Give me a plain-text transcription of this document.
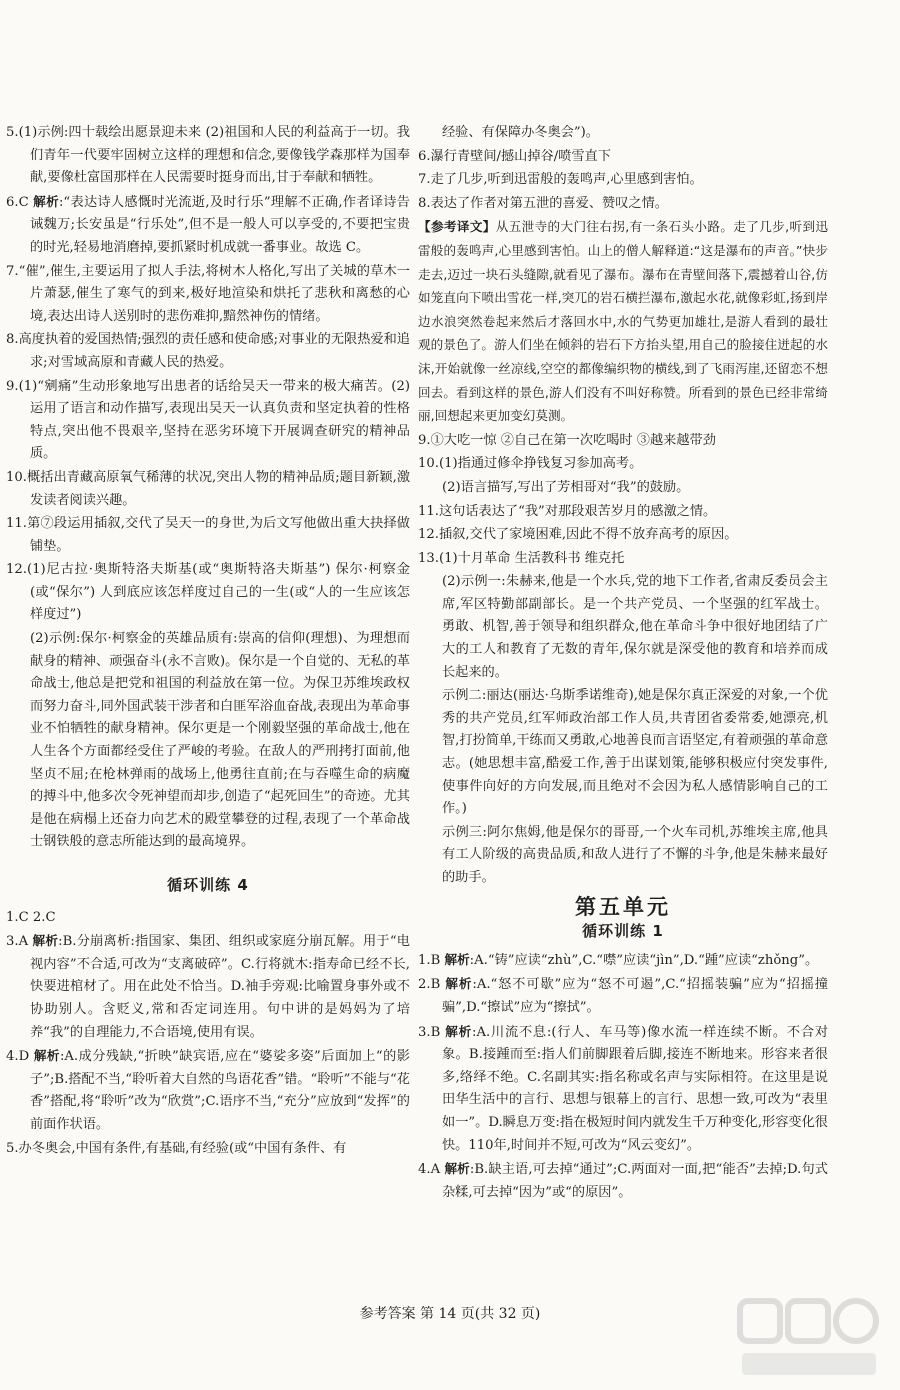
5.(1)示例:四十载绘出愿景迎未来 (2)祖国和人民的利益高于一切。我们青年一代要牢固树立这样的理想和信念,要像钱学森那样为国奉献,要像杜富国那样在人民需要时挺身而出,甘于奉献和牺牲。
6.C 解析:“表达诗人感慨时光流逝,及时行乐”理解不正确,作者译诗告诫魏万;长安虽是“行乐处”,但不是一般人可以享受的,不要把宝贵的时光,轻易地消磨掉,要抓紧时机成就一番事业。故选 C。
7.“催”,催生,主要运用了拟人手法,将树木人格化,写出了关城的草木一片萧瑟,催生了寒气的到来,极好地渲染和烘托了悲秋和离愁的心境,表达出诗人送别时的悲伤难抑,黯然神伤的情绪。
8.高度执着的爱国热情;强烈的责任感和使命感;对事业的无限热爱和追求;对雪域高原和青藏人民的热爱。
9.(1)“剜痛”生动形象地写出患者的话给吴天一带来的极大痛苦。(2)运用了语言和动作描写,表现出吴天一认真负责和坚定执着的性格特点,突出他不畏艰辛,坚持在恶劣环境下开展调查研究的精神品质。
10.概括出青藏高原氧气稀薄的状况,突出人物的精神品质;题目新颖,激发读者阅读兴趣。
11.第⑦段运用插叙,交代了吴天一的身世,为后文写他做出重大抉择做铺垫。
12.(1)尼古拉·奥斯特洛夫斯基(或“奥斯特洛夫斯基”) 保尔·柯察金(或“保尔”) 人到底应该怎样度过自己的一生(或“人的一生应该怎样度过”)
(2)示例:保尔·柯察金的英雄品质有:崇高的信仰(理想)、为理想而献身的精神、顽强奋斗(永不言败)。保尔是一个自觉的、无私的革命战士,他总是把党和祖国的利益放在第一位。为保卫苏维埃政权而努力奋斗,同外国武装干涉者和白匪军浴血奋战,表现出为革命事业不怕牺牲的献身精神。保尔更是一个刚毅坚强的革命战士,他在人生各个方面都经受住了严峻的考验。在敌人的严刑拷打面前,他坚贞不屈;在枪林弹雨的战场上,他勇往直前;在与吞噬生命的病魔的搏斗中,他多次令死神望而却步,创造了“起死回生”的奇迹。尤其是他在病榻上还奋力向艺术的殿堂攀登的过程,表现了一个革命战士钢铁般的意志所能达到的最高境界。
循环训练 4
1.C 2.C
3.A 解析:B.分崩离析:指国家、集团、组织或家庭分崩瓦解。用于“电视内容”不合适,可改为“支离破碎”。C.行将就木:指寿命已经不长,快要进棺材了。用在此处不恰当。D.袖手旁观:比喻置身事外或不协助别人。含贬义,常和否定词连用。句中讲的是妈妈为了培养“我”的自理能力,不合语境,使用有误。
4.D 解析:A.成分残缺,“折映”缺宾语,应在“婆娑多姿”后面加上“的影子”;B.搭配不当,“聆听着大自然的鸟语花香”错。“聆听”不能与“花香”搭配,将“聆听”改为“欣赏”;C.语序不当,“充分”应放到“发挥”的前面作状语。
5.办冬奥会,中国有条件,有基础,有经验(或“中国有条件、有
经验、有保障办冬奥会”)。
6.瀑行青壁间/撼山掉谷/喷雪直下
7.走了几步,听到迅雷般的轰鸣声,心里感到害怕。
8.表达了作者对第五泄的喜爱、赞叹之情。
【参考译文】从五泄寺的大门往右拐,有一条石头小路。走了几步,听到迅雷般的轰鸣声,心里感到害怕。山上的僧人解释道:“这是瀑布的声音。”快步走去,迈过一块石头缝隙,就看见了瀑布。瀑布在青壁间落下,震撼着山谷,仿如笼直向下喷出雪花一样,突兀的岩石横拦瀑布,激起水花,就像彩虹,扬到岸边水浪突然卷起来然后才落回水中,水的气势更加雄壮,是游人看到的最壮观的景色了。游人们坐在倾斜的岩石下方抬头望,用自己的脸接住迸起的水沫,开始就像一丝凉线,空空的都像编织物的横线,到了飞雨泻崖,还留恋不想回去。看到这样的景色,游人们没有不叫好称赞。所看到的景色已经非常绮丽,回想起来更加变幻莫测。
9.①大吃一惊 ②自己在第一次吃喝时 ③越来越带劲
10.(1)指通过修伞挣钱复习参加高考。
(2)语言描写,写出了芳相哥对“我”的鼓励。
11.这句话表达了“我”对那段艰苦岁月的感激之情。
12.插叙,交代了家境困难,因此不得不放弃高考的原因。
13.(1)十月革命 生活教科书 维克托
(2)示例一:朱赫来,他是一个水兵,党的地下工作者,省肃反委员会主席,军区特勤部副部长。是一个共产党员、一个坚强的红军战士。勇敢、机智,善于领导和组织群众,他在革命斗争中很好地团结了广大的工人和教育了无数的青年,保尔就是深受他的教育和培养而成长起来的。
示例二:丽达(丽达·乌斯季诺维奇),她是保尔真正深爱的对象,一个优秀的共产党员,红军师政治部工作人员,共青团省委常委,她漂亮,机智,打扮简单,干练而又勇敢,心地善良而言语坚定,有着顽强的革命意志。(她思想丰富,酷爱工作,善于出谋划策,能够积极应付突发事件,使事件向好的方向发展,而且绝对不会因为私人感情影响自己的工作。)
示例三:阿尔焦姆,他是保尔的哥哥,一个火车司机,苏维埃主席,他具有工人阶级的高贵品质,和敌人进行了不懈的斗争,他是朱赫来最好的助手。
第五单元
循环训练 1
1.B 解析:A.“铸”应读“zhù”,C.“噤”应读“jìn”,D.“踵”应读“zhǒng”。
2.B 解析:A.“怒不可歇”应为“怒不可遏”,C.“招摇装骗”应为“招摇撞骗”,D.“擦试”应为“擦拭”。
3.B 解析:A.川流不息:(行人、车马等)像水流一样连续不断。不合对象。B.接踵而至:指人们前脚跟着后脚,接连不断地来。形容来者很多,络绎不绝。C.名副其实:指名称或名声与实际相符。在这里是说田华生活中的言行、思想与银幕上的言行、思想一致,可改为“表里如一”。D.瞬息万变:指在极短时间内就发生千万种变化,形容变化很快。110年,时间并不短,可改为“风云变幻”。
4.A 解析:B.缺主语,可去掉“通过”;C.两面对一面,把“能否”去掉;D.句式杂糅,可去掉“因为”或“的原因”。
参考答案 第 14 页(共 32 页)
